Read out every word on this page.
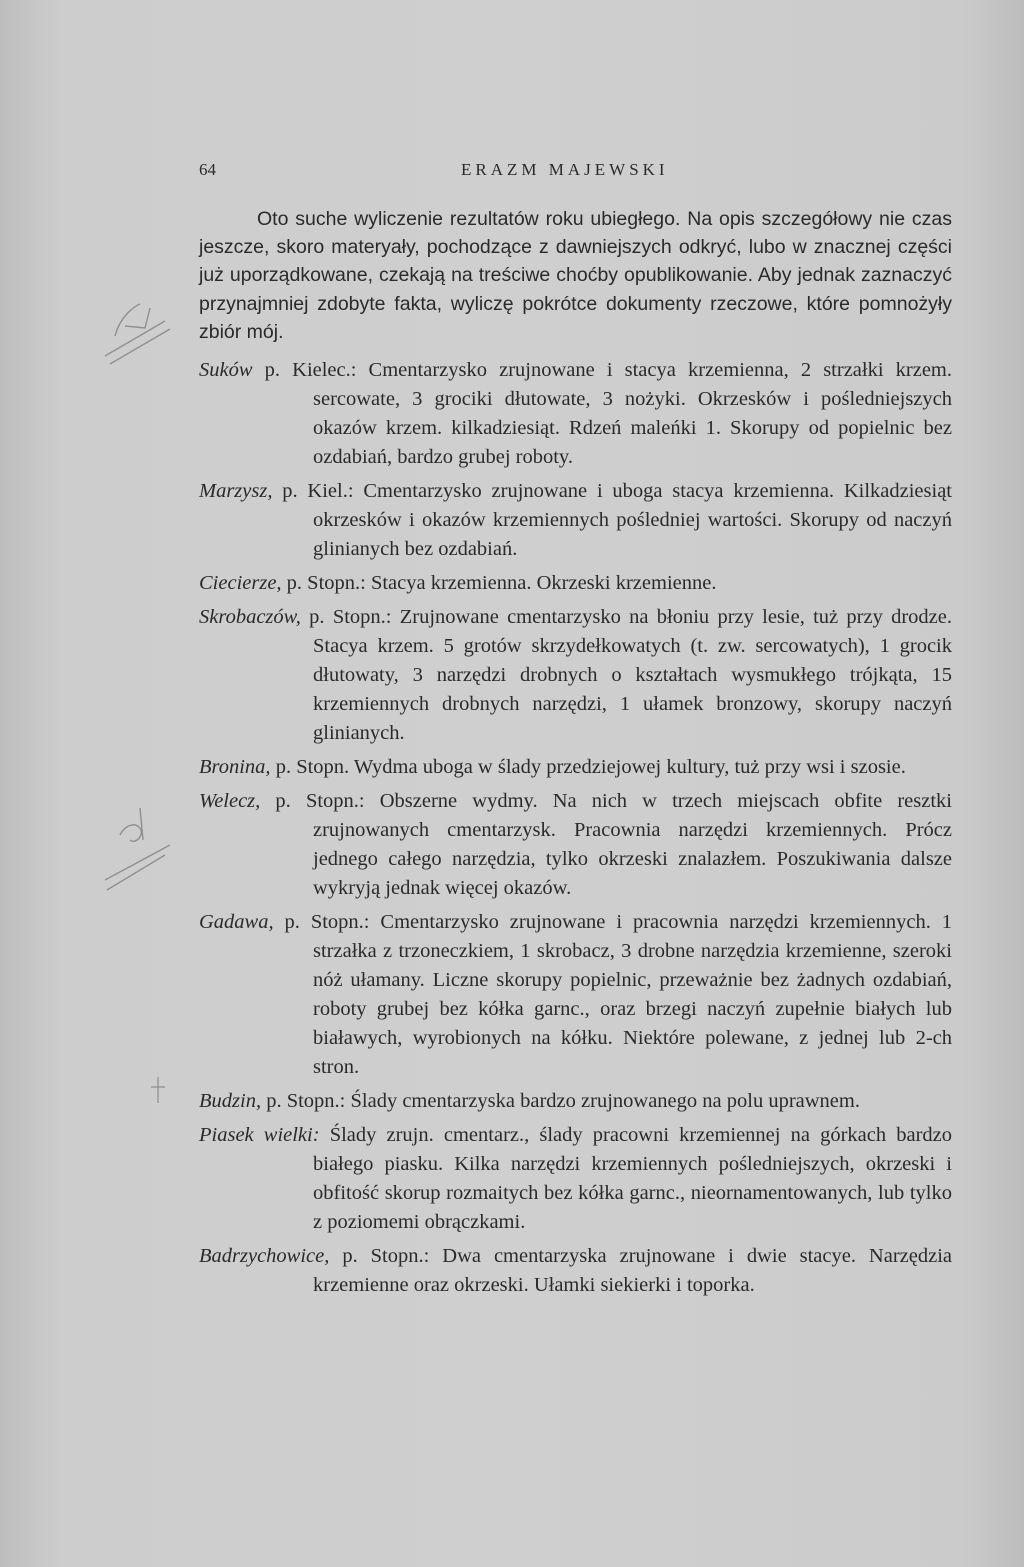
64	ERAZM MAJEWSKI

Oto suche wyliczenie rezultatów roku ubiegłego. Na opis szczegółowy nie czas jeszcze, skoro materyały, pochodzące z dawniejszych odkryć, lubo w znacznej części już uporządkowane, czekają na treściwe choćby opublikowanie. Aby jednak zaznaczyć przynajmniej zdobyte fakta, wyliczę pokrótce dokumenty rzeczowe, które pomnożyły zbiór mój.

Suków p. Kielec.: Cmentarzysko zrujnowane i stacya krzemienna, 2 strzałki krzem. sercowate, 3 grociki dłutowate, 3 nożyki. Okrzesków i pośledniejszych okazów krzem. kilkadziesiąt. Rdzeń maleńki 1. Skorupy od popielnic bez ozdabiań, bardzo grubej roboty.

Marzysz, p. Kiel.: Cmentarzysko zrujnowane i uboga stacya krzemienna. Kilkadziesiąt okrzesków i okazów krzemiennych pośledniej wartości. Skorupy od naczyń glinianych bez ozdabiań.

Ciecierze, p. Stopn.: Stacya krzemienna. Okrzeski krzemienne.

Skrobaczów, p. Stopn.: Zrujnowane cmentarzysko na błoniu przy lesie, tuż przy drodze. Stacya krzem. 5 grotów skrzydełkowatych (t. zw. sercowatych), 1 grocik dłutowaty, 3 narzędzi drobnych o kształtach wysmukłego trójkąta, 15 krzemiennych drobnych narzędzi, 1 ułamek bronzowy, skorupy naczyń glinianych.

Bronina, p. Stopn. Wydma uboga w ślady przedziejowej kultury, tuż przy wsi i szosie.

Welecz, p. Stopn.: Obszerne wydmy. Na nich w trzech miejscach obfite resztki zrujnowanych cmentarzysk. Pracownia narzędzi krzemiennych. Prócz jednego całego narzędzia, tylko okrzeski znalazłem. Poszukiwania dalsze wykryją jednak więcej okazów.

Gadawa, p. Stopn.: Cmentarzysko zrujnowane i pracownia narzędzi krzemiennych. 1 strzałka z trzoneczkiem, 1 skrobacz, 3 drobne narzędzia krzemienne, szeroki nóż ułamany. Liczne skorupy popielnic, przeważnie bez żadnych ozdabiań, roboty grubej bez kółka garnc., oraz brzegi naczyń zupełnie białych lub białawych, wyrobionych na kółku. Niektóre polewane, z jednej lub 2-ch stron.

Budzin, p. Stopn.: Ślady cmentarzyska bardzo zrujnowanego na polu uprawnem.

Piasek wielki: Ślady zrujn. cmentarz., ślady pracowni krzemiennej na górkach bardzo białego piasku. Kilka narzędzi krzemiennych pośledniejszych, okrzeski i obfitość skorup rozmaitych bez kółka garnc., nieornamentowanych, lub tylko z poziomemi obrączkami.

Badrzychowice, p. Stopn.: Dwa cmentarzyska zrujnowane i dwie stacye. Narzędzia krzemienne oraz okrzeski. Ułamki siekierki i toporka.
